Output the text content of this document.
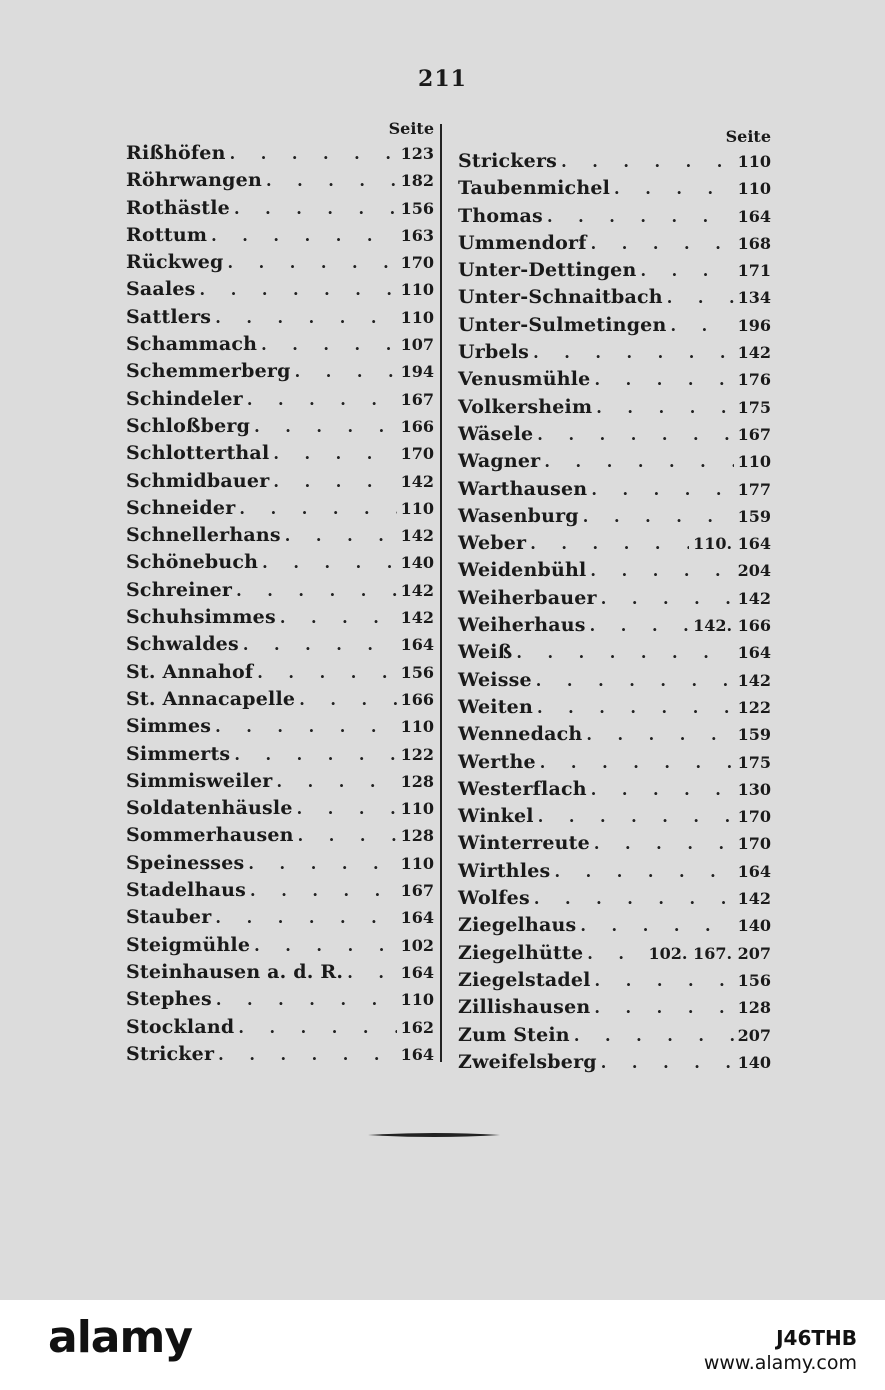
211
Seite
Rißhöfen . . .	123
Röhrwangen . . .	182
Rothästle . . .	156
Rottum . . .	163
Rückweg . . .	170
Saales . . .	110
Sattlers . . .	110
Schammach . . .	107
Schemmerberg . . .	194
Schindeler . . .	167
Schloßberg . . .	166
Schlotterthal . . .	170
Schmidbauer . . .	142
Schneider . . .	110
Schnellerhans . . .	142
Schönebuch . . .	140
Schreiner . . .	142
Schuhsimmes . . .	142
Schwaldes . . .	164
St. Annahof . . .	156
St. Annacapelle . . .	166
Simmes . . .	110
Simmerts . . .	122
Simmisweiler . . .	128
Soldatenhäusle . . .	110
Sommerhausen . . .	128
Speinesses . . .	110
Stadelhaus . . .	167
Stauber . . .	164
Steigmühle . . .	102
Steinhausen a. d. R. . . .	164
Stephes . . .	110
Stockland . . .	162
Stricker . . .	164
Seite
Strickers . . .	110
Taubenmichel . . .	110
Thomas . . .	164
Ummendorf . . .	168
Unter-Dettingen . . .	171
Unter-Schnaitbach . . .	134
Unter-Sulmetingen . . .	196
Urbels . . .	142
Venusmühle . . .	176
Volkersheim . . .	175
Wäsele . . .	167
Wagner . . .	110
Warthausen . . .	177
Wasenburg . . .	159
Weber . . .	110. 164
Weidenbühl . . .	204
Weiherbauer . . .	142
Weiherhaus . . .	142. 166
Weiß . . .	164
Weisse . . .	142
Weiten . . .	122
Wennedach . . .	159
Werthe . . .	175
Westerflach . . .	130
Winkel . . .	170
Winterreute . . .	170
Wirthles . . .	164
Wolfes . . .	142
Ziegelhaus . . .	140
Ziegelhütte . . .	102. 167. 207
Ziegelstadel . . .	156
Zillishausen . . .	128
Zum Stein . . .	207
Zweifelsberg . . .	140
alamy	J46THB
www.alamy.com
